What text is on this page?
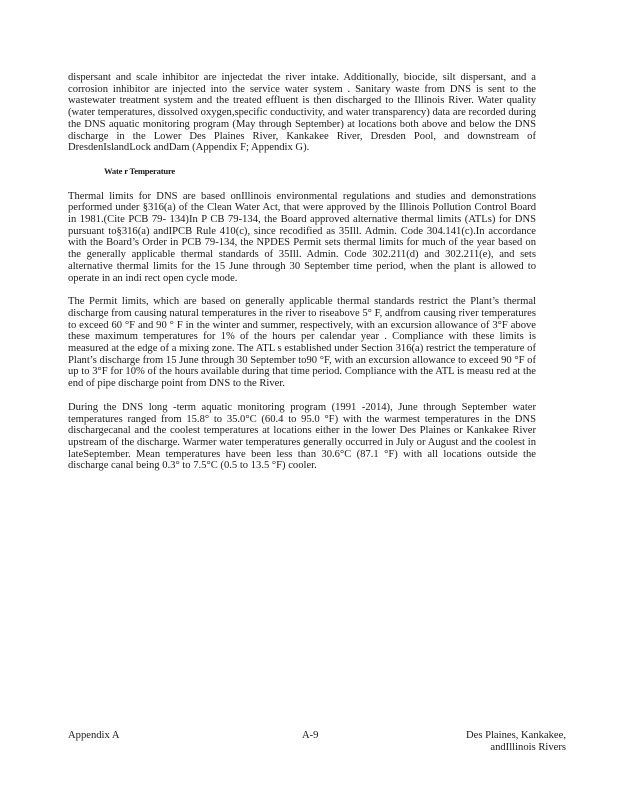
dispersant and scale inhibitor are injectedat the river intake. Additionally, biocide, silt dispersant, and a corrosion inhibitor are injected into the service water system . Sanitary waste from DNS is sent to the wastewater treatment system and the treated effluent is then discharged to the Illinois River. Water quality (water temperatures, dissolved oxygen,specific conductivity, and water transparency) data are recorded during the DNS aquatic monitoring program (May through September) at locations both above and below the DNS discharge in the Lower Des Plaines River, Kankakee River, Dresden Pool, and downstream of DresdenIslandLock andDam (Appendix F; Appendix G).

Wate r Temperature

Thermal limits for DNS are based onIllinois environmental regulations and studies and demonstrations performed under §316(a) of the Clean Water Act, that were approved by the Illinois Pollution Control Board in 1981.(Cite PCB 79- 134)In P CB 79-134, the Board approved alternative thermal limits (ATLs) for DNS pursuant to§316(a) andIPCB Rule 410(c), since recodified as 35Ill. Admin. Code 304.141(c).In accordance with the Board’s Order in PCB 79-134, the NPDES Permit sets thermal limits for much of the year based on the generally applicable thermal standards of 35Ill. Admin. Code 302.211(d) and 302.211(e), and sets alternative thermal limits for the 15 June through 30 September time period, when the plant is allowed to operate in an indi rect open cycle mode.

The Permit limits, which are based on generally applicable thermal standards restrict the Plant’s thermal discharge from causing natural temperatures in the river to riseabove 5° F, andfrom causing river temperatures to exceed 60 °F and 90 ° F in the winter and summer, respectively, with an excursion allowance of 3°F above these maximum temperatures for 1% of the hours per calendar year . Compliance with these limits is measured at the edge of a mixing zone. The ATL s established under Section 316(a) restrict the temperature of Plant’s discharge from 15 June through 30 September to90 °F, with an excursion allowance to exceed 90 °F of up to 3°F for 10% of the hours available during that time period. Compliance with the ATL is measu red at the end of pipe discharge point from DNS to the River.

During the DNS long -term aquatic monitoring program (1991 -2014), June through September water temperatures ranged from 15.8° to 35.0°C (60.4 to 95.0 °F) with the warmest temperatures in the DNS dischargecanal and the coolest temperatures at locations either in the lower Des Plaines or Kankakee River upstream of the discharge. Warmer water temperatures generally occurred in July or August and the coolest in lateSeptember. Mean temperatures have been less than 30.6°C (87.1 °F) with all locations outside the discharge canal being 0.3° to 7.5°C (0.5 to 13.5 °F) cooler.

Appendix A	A-9	Des Plaines, Kankakee,
andIllinois Rivers
